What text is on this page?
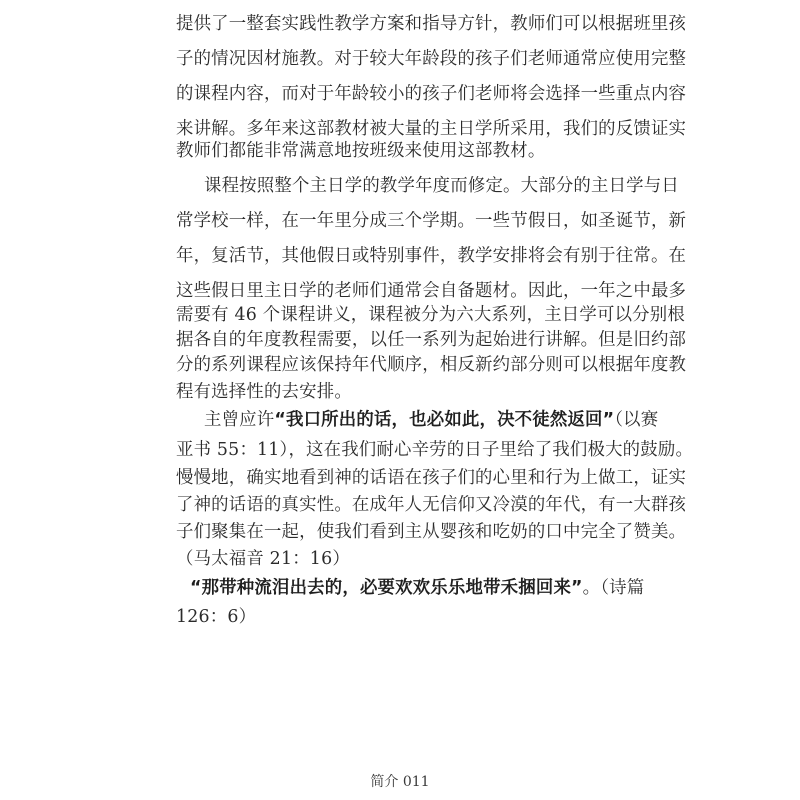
提供了一整套实践性教学方案和指导方针，教师们可以根据班里孩
子的情况因材施教。对于较大年龄段的孩子们老师通常应使用完整
的课程内容，而对于年龄较小的孩子们老师将会选择一些重点内容
来讲解。多年来这部教材被大量的主日学所采用，我们的反馈证实
教师们都能非常满意地按班级来使用这部教材。
课程按照整个主日学的教学年度而修定。大部分的主日学与日
常学校一样，在一年里分成三个学期。一些节假日，如圣诞节，新
年，复活节，其他假日或特别事件，教学安排将会有别于往常。在
这些假日里主日学的老师们通常会自备题材。因此，一年之中最多
需要有 46 个课程讲义，课程被分为六大系列，主日学可以分别根
据各自的年度教程需要，以任一系列为起始进行讲解。但是旧约部
分的系列课程应该保持年代顺序，相反新约部分则可以根据年度教
程有选择性的去安排。
主曾应许“我口所出的话，也必如此，决不徒然返回”（以赛
亚书 55：11），这在我们耐心辛劳的日子里给了我们极大的鼓励。
慢慢地，确实地看到神的话语在孩子们的心里和行为上做工，证实
了神的话语的真实性。在成年人无信仰又冷漠的年代，有一大群孩
子们聚集在一起，使我们看到主从婴孩和吃奶的口中完全了赞美。
（马太福音 21：16）
“那带种流泪出去的，必要欢欢乐乐地带禾捆回来”。（诗篇
126：6）
简介 011
